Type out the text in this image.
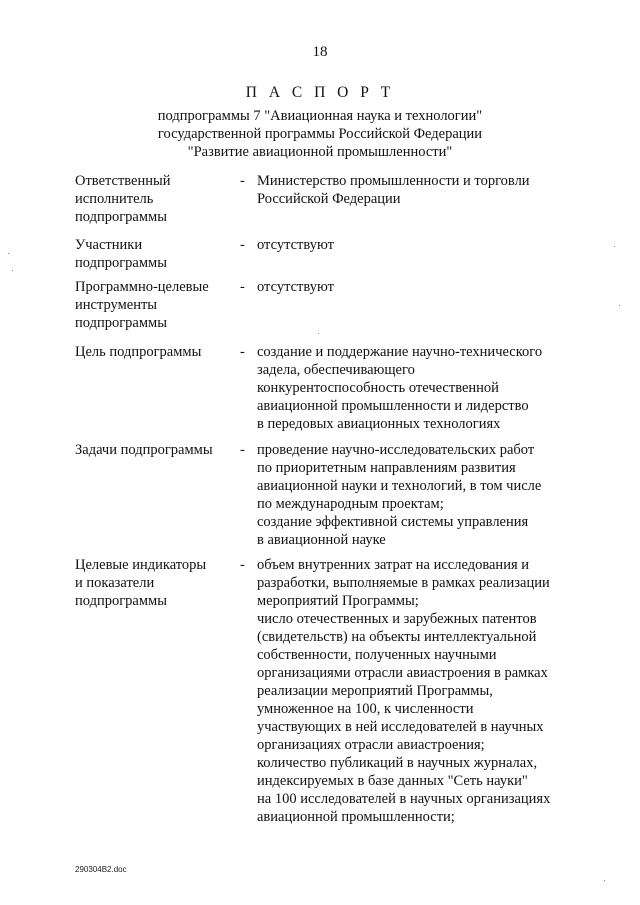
18
П А С П О Р Т
подпрограммы 7 "Авиационная наука и технологии"
государственной программы Российской Федерации
"Развитие авиационной промышленности"
Ответственный
исполнитель
подпрограммы
- Министерство промышленности и торговли
Российской Федерации
Участники
подпрограммы
- отсутствуют
Программно-целевые
инструменты
подпрограммы
- отсутствуют
Цель подпрограммы	- создание и поддержание научно-технического
задела, обеспечивающего
конкурентоспособность отечественной
авиационной промышленности и лидерство
в передовых авиационных технологиях
Задачи подпрограммы	- проведение научно-исследовательских работ
по приоритетным направлениям развития
авиационной науки и технологий, в том числе
по международным проектам;
создание эффективной системы управления
в авиационной науке
Целевые индикаторы
и показатели
подпрограммы
- объем внутренних затрат на исследования и
разработки, выполняемые в рамках реализации
мероприятий Программы;
число отечественных и зарубежных патентов
(свидетельств) на объекты интеллектуальной
собственности, полученных научными
организациями отрасли авиастроения в рамках
реализации мероприятий Программы,
умноженное на 100, к численности
участвующих в ней исследователей в научных
организациях отрасли авиастроения;
количество публикаций в научных журналах,
индексируемых в базе данных "Сеть науки"
на 100 исследователей в научных организациях
авиационной промышленности;
290304B2.doc
